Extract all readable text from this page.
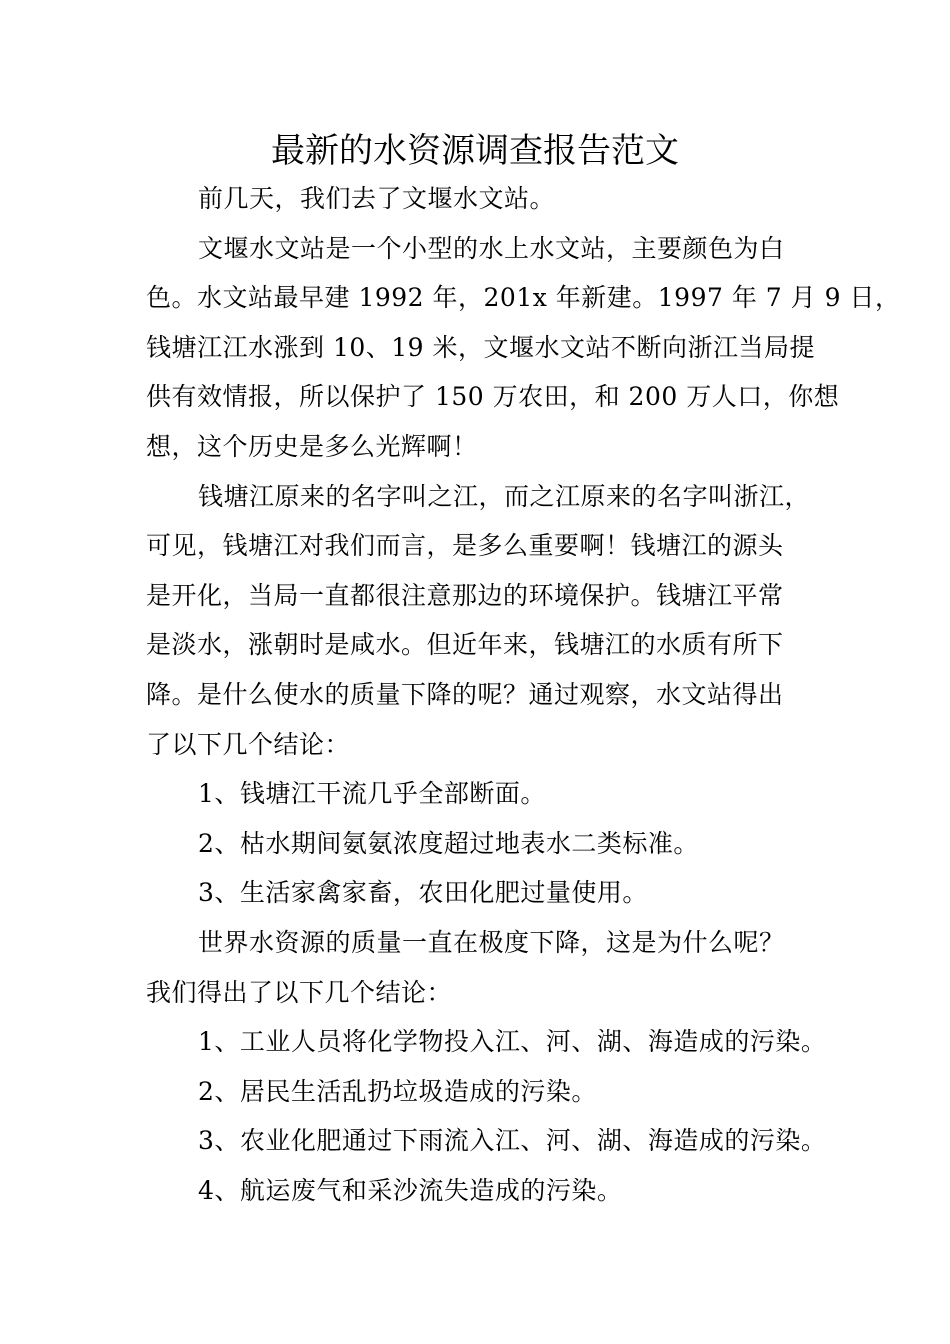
最新的水资源调查报告范文

前几天，我们去了文堰水文站。

文堰水文站是一个小型的水上水文站，主要颜色为白
色。水文站最早建 1992 年，201x 年新建。1997 年 7 月 9 日，
钱塘江江水涨到 10、19 米，文堰水文站不断向浙江当局提
供有效情报，所以保护了 150 万农田，和 200 万人口，你想
想，这个历史是多么光辉啊！

钱塘江原来的名字叫之江，而之江原来的名字叫浙江，
可见，钱塘江对我们而言，是多么重要啊！钱塘江的源头
是开化，当局一直都很注意那边的环境保护。钱塘江平常
是淡水，涨朝时是咸水。但近年来，钱塘江的水质有所下
降。是什么使水的质量下降的呢？通过观察，水文站得出
了以下几个结论：

1、钱塘江干流几乎全部断面。

2、枯水期间氨氨浓度超过地表水二类标准。

3、生活家禽家畜，农田化肥过量使用。

世界水资源的质量一直在极度下降，这是为什么呢？
我们得出了以下几个结论：

1、工业人员将化学物投入江、河、湖、海造成的污染。

2、居民生活乱扔垃圾造成的污染。

3、农业化肥通过下雨流入江、河、湖、海造成的污染。

4、航运废气和采沙流失造成的污染。
